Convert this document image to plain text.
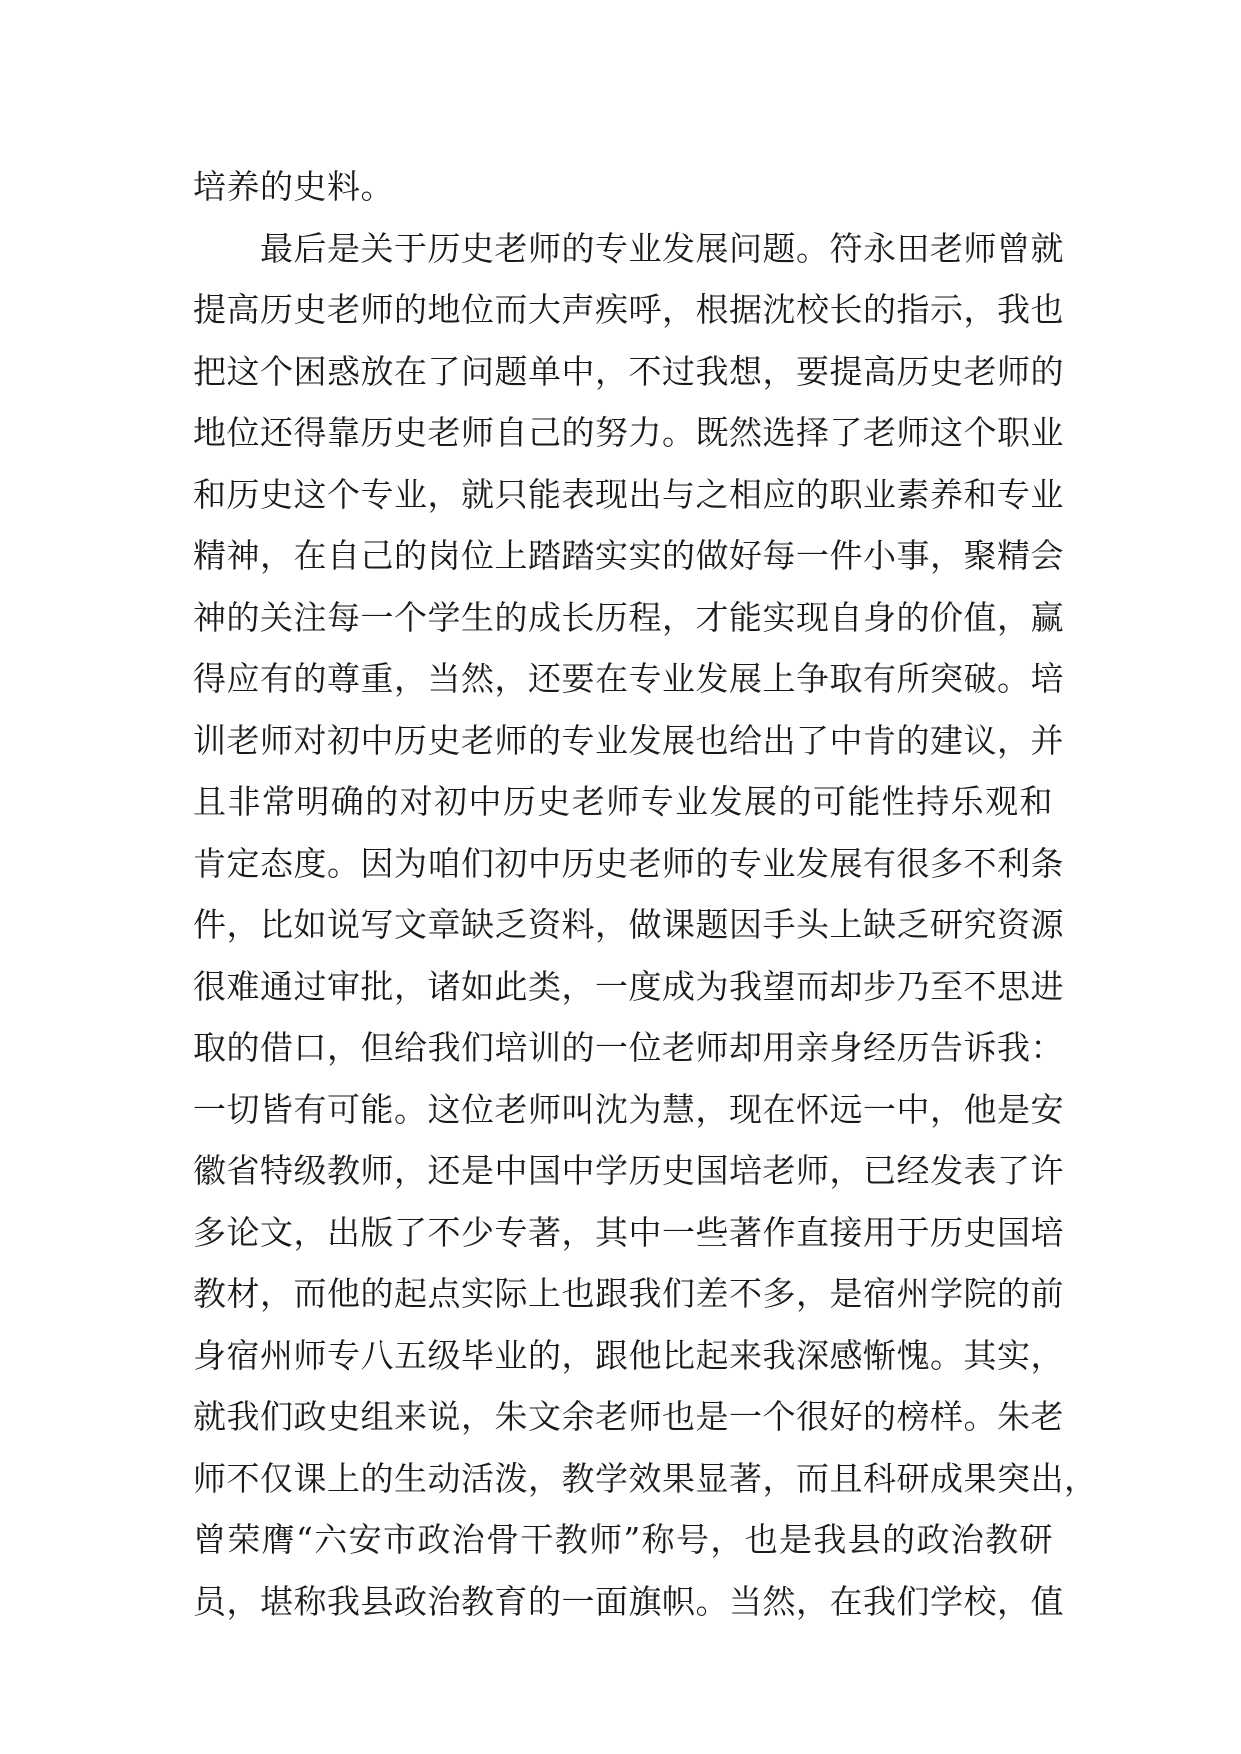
培养的史料。
最后是关于历史老师的专业发展问题。符永田老师曾就
提高历史老师的地位而大声疾呼，根据沈校长的指示，我也
把这个困惑放在了问题单中，不过我想，要提高历史老师的
地位还得靠历史老师自己的努力。既然选择了老师这个职业
和历史这个专业，就只能表现出与之相应的职业素养和专业
精神，在自己的岗位上踏踏实实的做好每一件小事，聚精会
神的关注每一个学生的成长历程，才能实现自身的价值，赢
得应有的尊重，当然，还要在专业发展上争取有所突破。培
训老师对初中历史老师的专业发展也给出了中肯的建议，并
且非常明确的对初中历史老师专业发展的可能性持乐观和
肯定态度。因为咱们初中历史老师的专业发展有很多不利条
件，比如说写文章缺乏资料，做课题因手头上缺乏研究资源
很难通过审批，诸如此类，一度成为我望而却步乃至不思进
取的借口，但给我们培训的一位老师却用亲身经历告诉我：
一切皆有可能。这位老师叫沈为慧，现在怀远一中，他是安
徽省特级教师，还是中国中学历史国培老师，已经发表了许
多论文，出版了不少专著，其中一些著作直接用于历史国培
教材，而他的起点实际上也跟我们差不多，是宿州学院的前
身宿州师专八五级毕业的，跟他比起来我深感惭愧。其实，
就我们政史组来说，朱文余老师也是一个很好的榜样。朱老
师不仅课上的生动活泼，教学效果显著，而且科研成果突出，
曾荣膺“六安市政治骨干教师”称号，也是我县的政治教研
员，堪称我县政治教育的一面旗帜。当然，在我们学校，值
